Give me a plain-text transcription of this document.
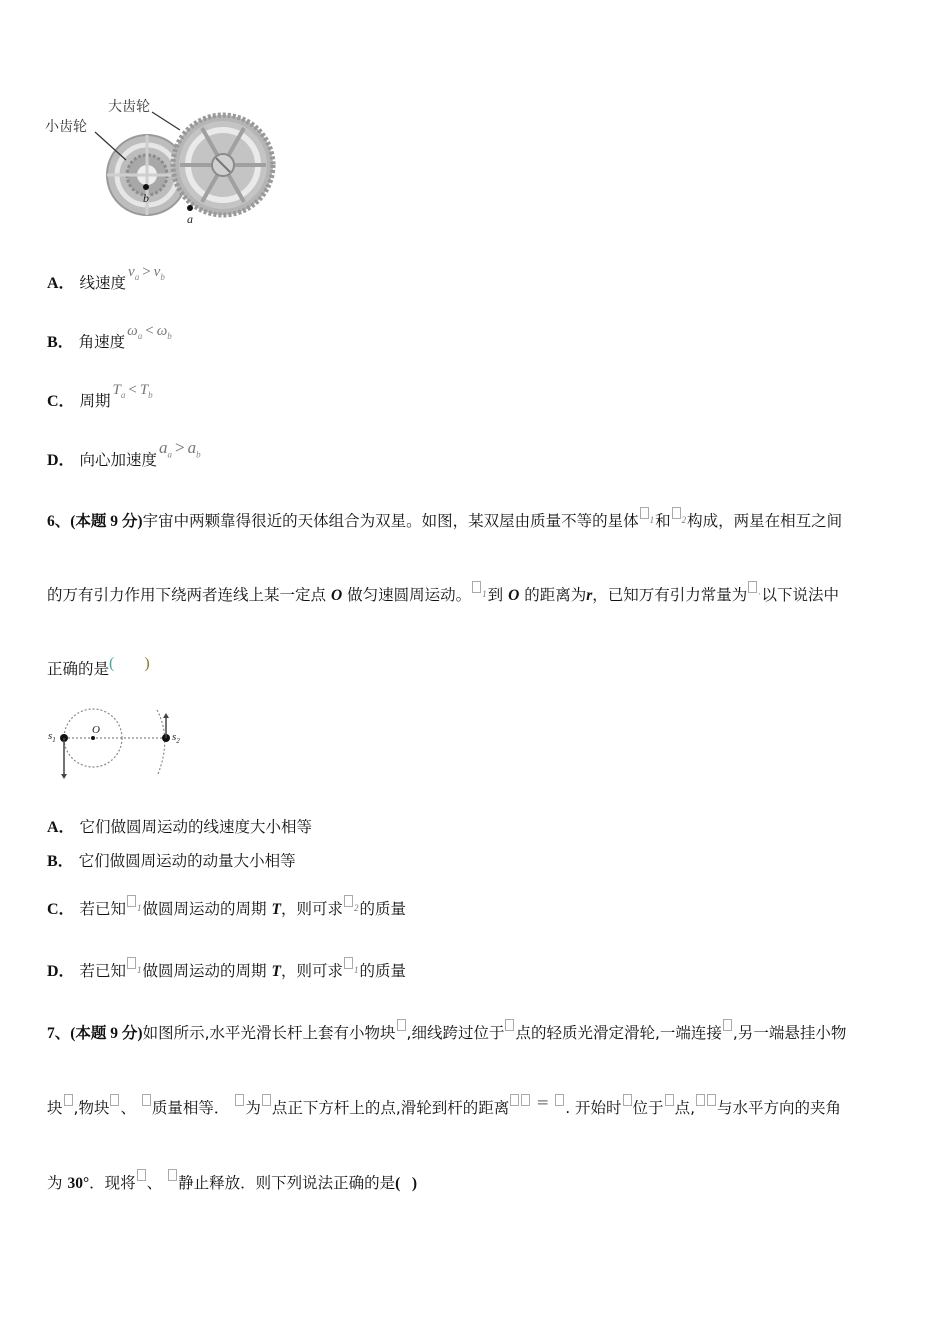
小齿轮
大齿轮
b
a
A． 线速度$v_a > v_b$
B． 角速度$\omega_a < \omega_b$
C． 周期$T_a < T_b$
D． 向心加速度$a_a > a_b$
6、(本题 9 分)宇宙中两颗靠得很近的天体组合为双星。如图，某双屋由质量不等的星体 1和 2构成，两星在相互之间
的万有引力作用下绕两者连线上某一定点 O 做匀速圆周运动。 1到 O 的距离为r，已知万有引力常量为 ·以下说法中
正确的是( )
$s_1$
O
$s_2$
A． 它们做圆周运动的线速度大小相等
B． 它们做圆周运动的动量大小相等
C． 若已知 1做圆周运动的周期 T，则可求 2的质量
D． 若已知 1做圆周运动的周期 T，则可求 1的质量
7、(本题 9 分)如图所示,水平光滑长杆上套有小物块 ,细线跨过位于 点的轻质光滑定滑轮,一端连接 ,另一端悬挂小物
块 ,物块 、 质量相等． 为 点正下方杆上的点,滑轮到杆的距离 = . 开始时 位于 点, 与水平方向的夹角
为 30°．现将 、 静止释放．则下列说法正确的是(   )
